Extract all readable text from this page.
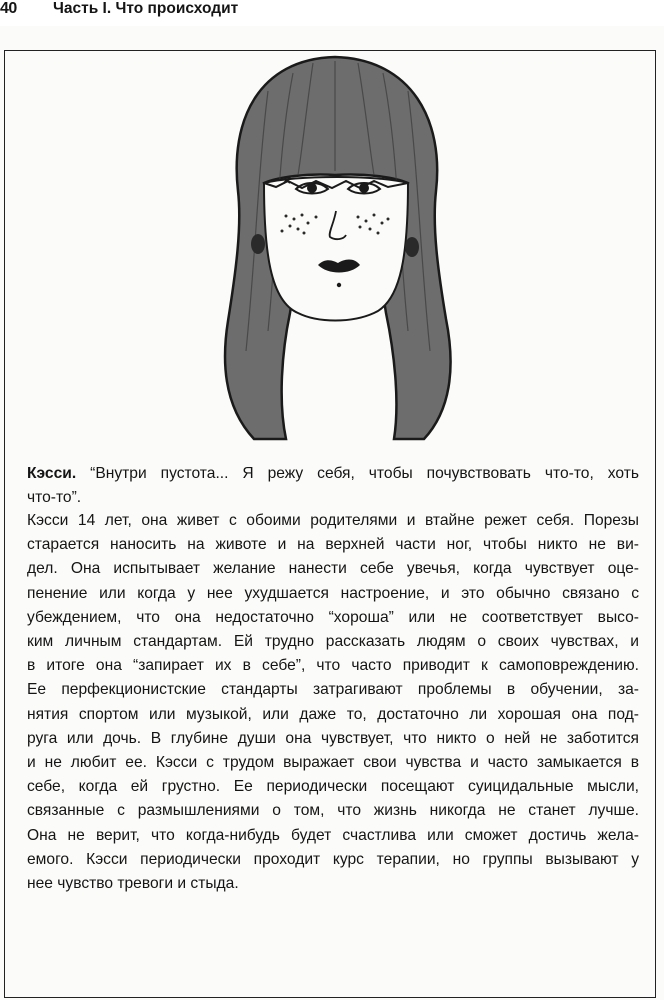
40 Часть I. Что происходит
Кэсси. “Внутри пустота... Я режу себя, чтобы почувствовать что-то, хоть
что-то”.
Кэсси 14 лет, она живет с обоими родителями и втайне режет себя. Порезы
старается наносить на животе и на верхней части ног, чтобы никто не ви-
дел. Она испытывает желание нанести себе увечья, когда чувствует оце-
пенение или когда у нее ухудшается настроение, и это обычно связано с
убеждением, что она недостаточно “хороша” или не соответствует высо-
ким личным стандартам. Ей трудно рассказать людям о своих чувствах, и
в итоге она “запирает их в себе”, что часто приводит к самоповреждению.
Ее перфекционистские стандарты затрагивают проблемы в обучении, за-
нятия спортом или музыкой, или даже то, достаточно ли хорошая она под-
руга или дочь. В глубине души она чувствует, что никто о ней не заботится
и не любит ее. Кэсси с трудом выражает свои чувства и часто замыкается в
себе, когда ей грустно. Ее периодически посещают суицидальные мысли,
связанные с размышлениями о том, что жизнь никогда не станет лучше.
Она не верит, что когда-нибудь будет счастлива или сможет достичь жела-
емого. Кэсси периодически проходит курс терапии, но группы вызывают у
нее чувство тревоги и стыда.
